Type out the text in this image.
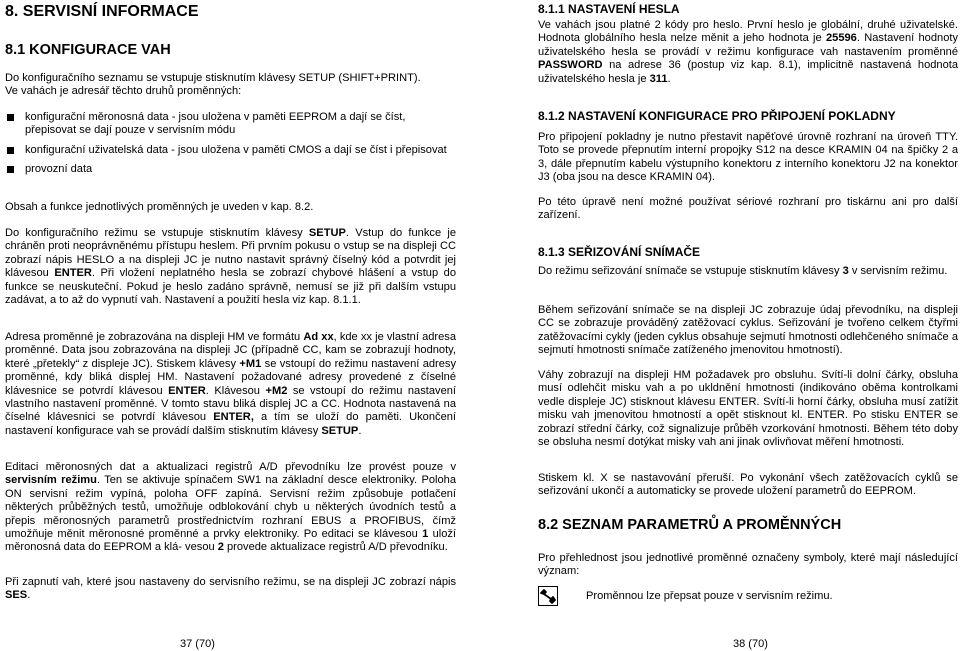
8. SERVISNÍ INFORMACE
8.1 KONFIGURACE VAH

Do konfiguračního seznamu se vstupuje stisknutím klávesy SETUP (SHIFT+PRINT).

Ve vahách je adresář těchto druhů proměnných:

konfigurační měronosná data - jsou uložena v paměti EEPROM a dají se číst, přepisovat se dají pouze v servisním módu
konfigurační uživatelská data - jsou uložena v paměti CMOS a dají se číst i přepisovat
provozní data

Obsah a funkce jednotlivých proměnných je uveden v kap. 8.2.

Do konfiguračního režimu se vstupuje stisknutím klávesy SETUP. Vstup do funkce je chráněn proti neoprávněnému přístupu heslem. Při prvním pokusu o vstup se na displeji CC zobrazí nápis HESLO a na displeji JC je nutno nastavit správný číselný kód a potvrdit jej klávesou ENTER. Při vložení neplatného hesla se zobrazí chybové hlášení a vstup do funkce se neuskuteční. Pokud je heslo zadáno správně, nemusí se již při dalším vstupu zadávat, a to až do vypnutí vah. Nastavení a použití hesla viz kap. 8.1.1.

Adresa proměnné je zobrazována na displeji HM ve formátu Ad xx, kde xx je vlastní adresa proměnné. Data jsou zobrazována na displeji JC (případně CC, kam se zobrazují hodnoty, které „přetekly“ z displeje JC). Stiskem klávesy +M1 se vstoupí do režimu nastavení adresy proměnné, kdy bliká displej HM. Nastavení požadované adresy provedené z číselné klávesnice se potvrdí klávesou ENTER. Klávesou +M2 se vstoupí do režimu nastavení vlastního nastavení proměnné. V tomto stavu bliká displej JC a CC. Hodnota nastavená na číselné klávesnici se potvrdí klávesou ENTER, a tím se uloží do paměti. Ukončení nastavení konfigurace vah se provádí dalším stisknutím klávesy SETUP.

Editaci měronosných dat a aktualizaci registrů A/D převodníku lze provést pouze v servisním režimu. Ten se aktivuje spínačem SW1 na základní desce elektroniky. Poloha ON servisní režim vypíná, poloha OFF zapíná. Servisní režim způsobuje potlačení některých průběžných testů, umožňuje odblokování chyb u některých úvodních testů a přepis měronosných parametrů prostřednictvím rozhraní EBUS a PROFIBUS, čímž umožňuje měnit měronosné proměnné a prvky elektroniky. Po editaci se klávesou 1 uloží měronosná data do EEPROM a klá- vesou 2 provede aktualizace registrů A/D převodníku.

Při zapnutí vah, které jsou nastaveny do servisního režimu, se na displeji JC zobrazí nápis SES.

37 (70)
8.1.1 NASTAVENÍ HESLA

Ve vahách jsou platné 2 kódy pro heslo. První heslo je globální, druhé uživatelské. Hodnota globálního hesla nelze měnit a jeho hodnota je 25596. Nastavení hodnoty uživatelského hesla se provádí v režimu konfigurace vah nastavením proměnné PASSWORD na adrese 36 (postup viz kap. 8.1), implicitně nastavená hodnota uživatelského hesla je 311.

8.1.2 NASTAVENÍ KONFIGURACE PRO PŘIPOJENÍ POKLADNY

Pro připojení pokladny je nutno přestavit napěťové úrovně rozhraní na úroveň TTY. Toto se provede přepnutím interní propojky S12 na desce KRAMIN 04 na špičky 2 a 3, dále přepnutím kabelu výstupního konektoru z interního konektoru J2 na konektor J3 (oba jsou na desce KRAMIN 04).

Po této úpravě není možné používat sériové rozhraní pro tiskárnu ani pro další zařízení.

8.1.3 SEŘIZOVÁNÍ SNÍMAČE

Do režimu seřizování snímače se vstupuje stisknutím klávesy 3 v servisním režimu.

Během seřizování snímače se na displeji JC zobrazuje údaj převodníku, na displeji CC se zobrazuje prováděný zatěžovací cyklus. Seřizování je tvořeno celkem čtyřmi zatěžovacími cykly (jeden cyklus obsahuje sejmutí hmotnosti odlehčeného snímače a sejmutí hmotnosti snímače zatíženého jmenovitou hmotností).

Váhy zobrazují na displeji HM požadavek pro obsluhu. Svítí-li dolní čárky, obsluha musí odlehčit misku vah a po ukldnění hmotnosti (indikováno oběma kontrolkami vedle displeje JC) stisknout klávesu ENTER. Svítí-li horní čárky, obsluha musí zatížit misku vah jmenovitou hmotností a opět stisknout kl. ENTER. Po stisku ENTER se zobrazí střední čárky, což signalizuje průběh vzorkování hmotnosti. Během této doby se obsluha nesmí dotýkat misky vah ani jinak ovlivňovat měření hmotnosti.

Stiskem kl. X se nastavování přeruší. Po vykonání všech zatěžovacích cyklů se seřizování ukončí a automaticky se provede uložení parametrů do EEPROM.

8.2 SEZNAM PARAMETRŮ A PROMĚNNÝCH

Pro přehlednost jsou jednotlivé proměnné označeny symboly, které mají následující význam:

Proměnnou lze přepsat pouze v servisním režimu.

38 (70)
